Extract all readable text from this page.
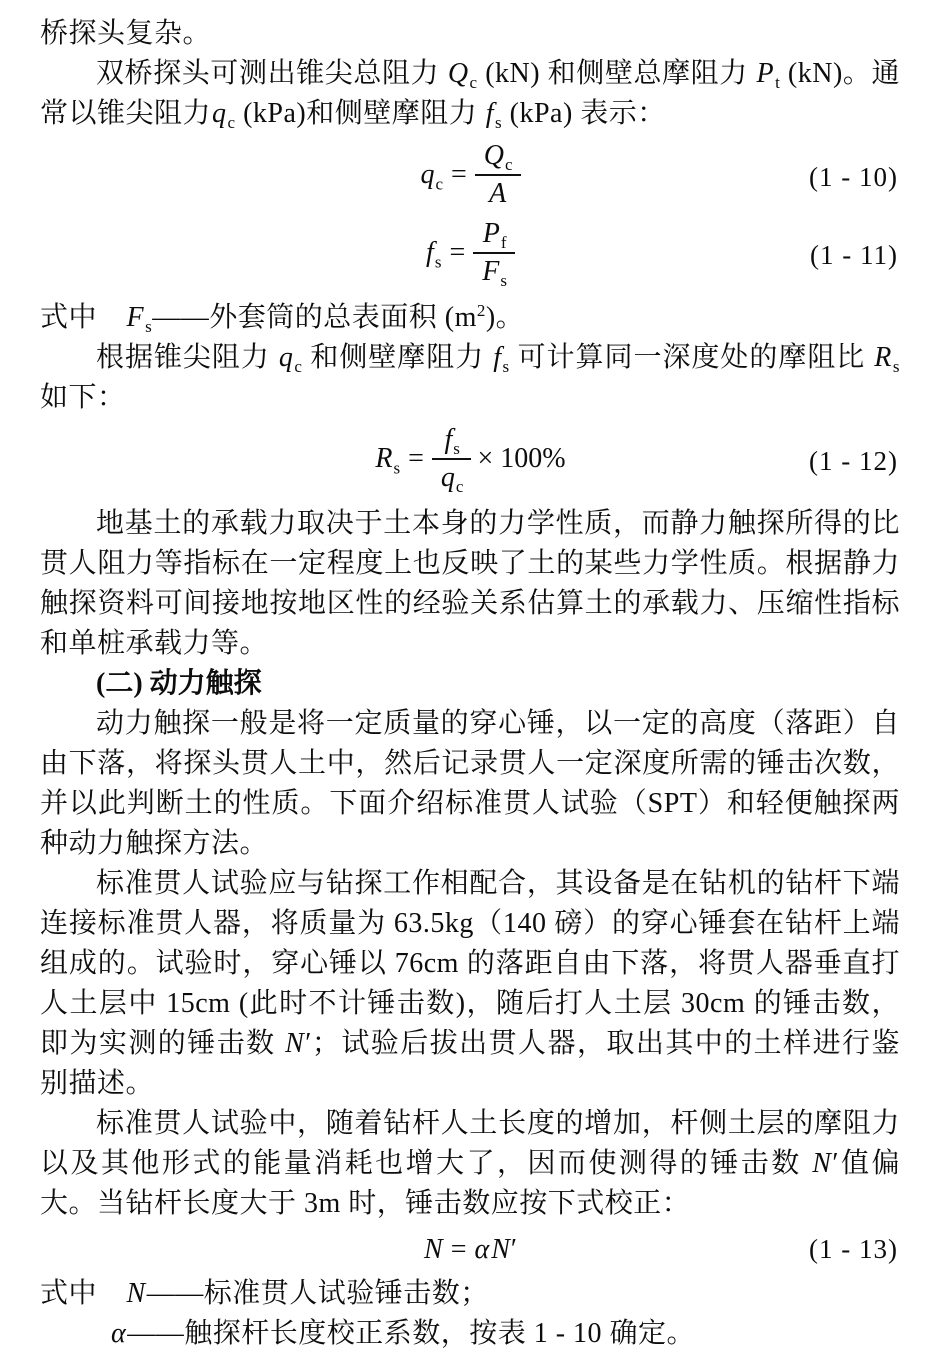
桥探头复杂。

双桥探头可测出锥尖总阻力 $Q_c$ (kN) 和侧壁总摩阻力 $P_t$ (kN)。通常以锥尖阻力$q_c$ (kPa)和侧壁摩阻力 $f_s$ (kPa) 表示：

$q_c = \frac{Q_c}{A}$	(1 - 10)
$f_s = \frac{P_f}{F_s}$	(1 - 11)

式中　$F_s——$外套筒的总表面积 $(m^2)$。

根据锥尖阻力 $q_c$ 和侧壁摩阻力 $f_s$ 可计算同一深度处的摩阻比 $R_s$ 如下：

$R_s = \frac{f_s}{q_c} \times 100\%$	(1 - 12)

地基土的承载力取决于土本身的力学性质，而静力触探所得的比贯人阻力等指标在一定程度上也反映了土的某些力学性质。根据静力触探资料可间接地按地区性的经验关系估算土的承载力、压缩性指标和单桩承载力等。

(二) 动力触探

动力触探一般是将一定质量的穿心锤，以一定的高度（落距）自由下落，将探头贯人土中，然后记录贯人一定深度所需的锤击次数，并以此判断土的性质。下面介绍标准贯人试验（SPT）和轻便触探两种动力触探方法。

标准贯人试验应与钻探工作相配合，其设备是在钻机的钻杆下端连接标准贯人器，将质量为 63.5kg（140 磅）的穿心锤套在钻杆上端组成的。试验时，穿心锤以 76cm 的落距自由下落，将贯人器垂直打人土层中 15cm (此时不计锤击数)，随后打人土层 30cm 的锤击数，即为实测的锤击数 N′；试验后拔出贯人器，取出其中的土样进行鉴别描述。

标准贯人试验中，随着钻杆人土长度的增加，杆侧土层的摩阻力以及其他形式的能量消耗也增大了，因而使测得的锤击数 N′值偏大。当钻杆长度大于 3m 时，锤击数应按下式校正：

N = αN′	(1 - 13)

式中　N——标准贯人试验锤击数；

α——触探杆长度校正系数，按表 1 - 10 确定。
